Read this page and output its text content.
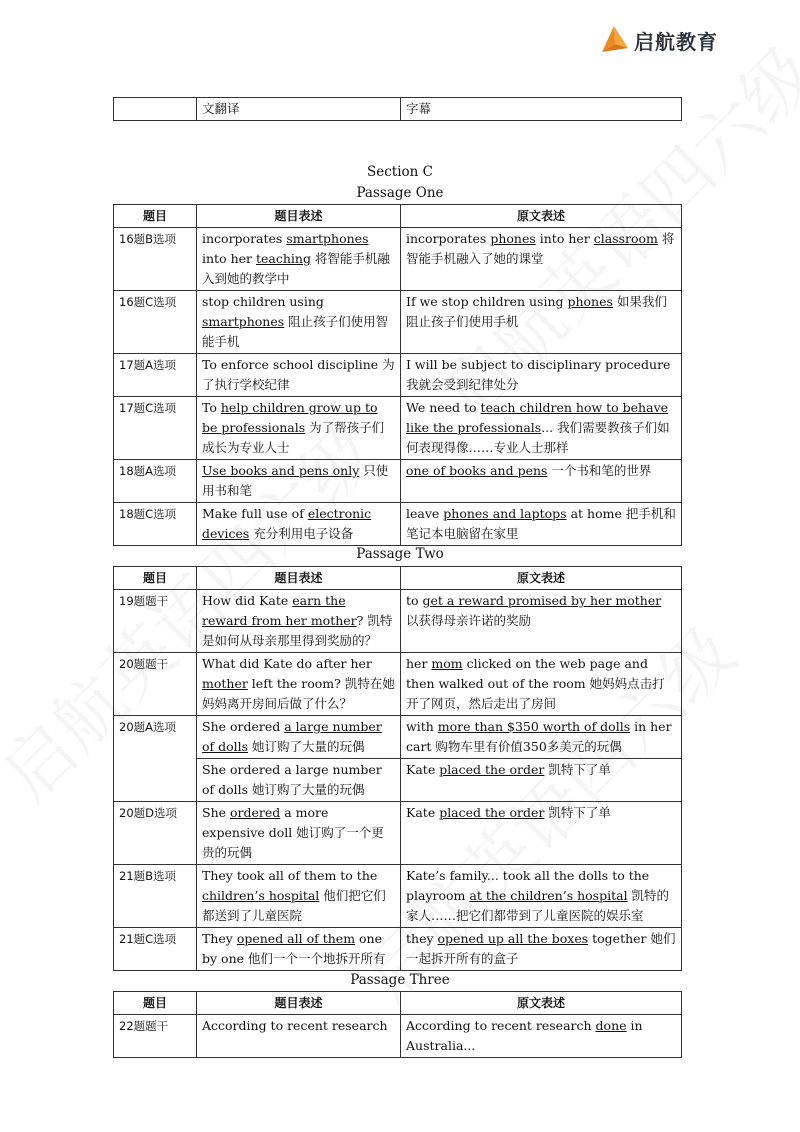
启航教育
	文翻译	字幕
Section C
Passage One
题目	题目表述	原文表述
16题B选项	incorporates smartphones into her teaching 将智能手机融入到她的教学中	incorporates phones into her classroom 将智能手机融入了她的课堂
16题C选项	stop children using smartphones 阻止孩子们使用智能手机	If we stop children using phones 如果我们阻止孩子们使用手机
17题A选项	To enforce school discipline 为了执行学校纪律	I will be subject to disciplinary procedure 我就会受到纪律处分
17题C选项	To help children grow up to be professionals 为了帮孩子们成长为专业人士	We need to teach children how to behave like the professionals... 我们需要教孩子们如何表现得像……专业人士那样
18题A选项	Use books and pens only 只使用书和笔	one of books and pens 一个书和笔的世界
18题C选项	Make full use of electronic devices 充分利用电子设备	leave phones and laptops at home 把手机和笔记本电脑留在家里
Passage Two
题目	题目表述	原文表述
19题题干	How did Kate earn the reward from her mother? 凯特是如何从母亲那里得到奖励的？	to get a reward promised by her mother 以获得母亲许诺的奖励
20题题干	What did Kate do after her mother left the room? 凯特在她妈妈离开房间后做了什么？	her mom clicked on the web page and then walked out of the room 她妈妈点击打开了网页，然后走出了房间
20题A选项	She ordered a large number of dolls 她订购了大量的玩偶	with more than $350 worth of dolls in her cart 购物车里有价值350多美元的玩偶
	She ordered a large number of dolls 她订购了大量的玩偶	Kate placed the order 凯特下了单
20题D选项	She ordered a more expensive doll 她订购了一个更贵的玩偶	Kate placed the order 凯特下了单
21题B选项	They took all of them to the children’s hospital 他们把它们都送到了儿童医院	Kate’s family... took all the dolls to the playroom at the children’s hospital 凯特的家人……把它们都带到了儿童医院的娱乐室
21题C选项	They opened all of them one by one 他们一个一个地拆开所有	they opened up all the boxes together 她们一起拆开所有的盒子
Passage Three
题目	题目表述	原文表述
22题题干	According to recent research	According to recent research done in Australia...
